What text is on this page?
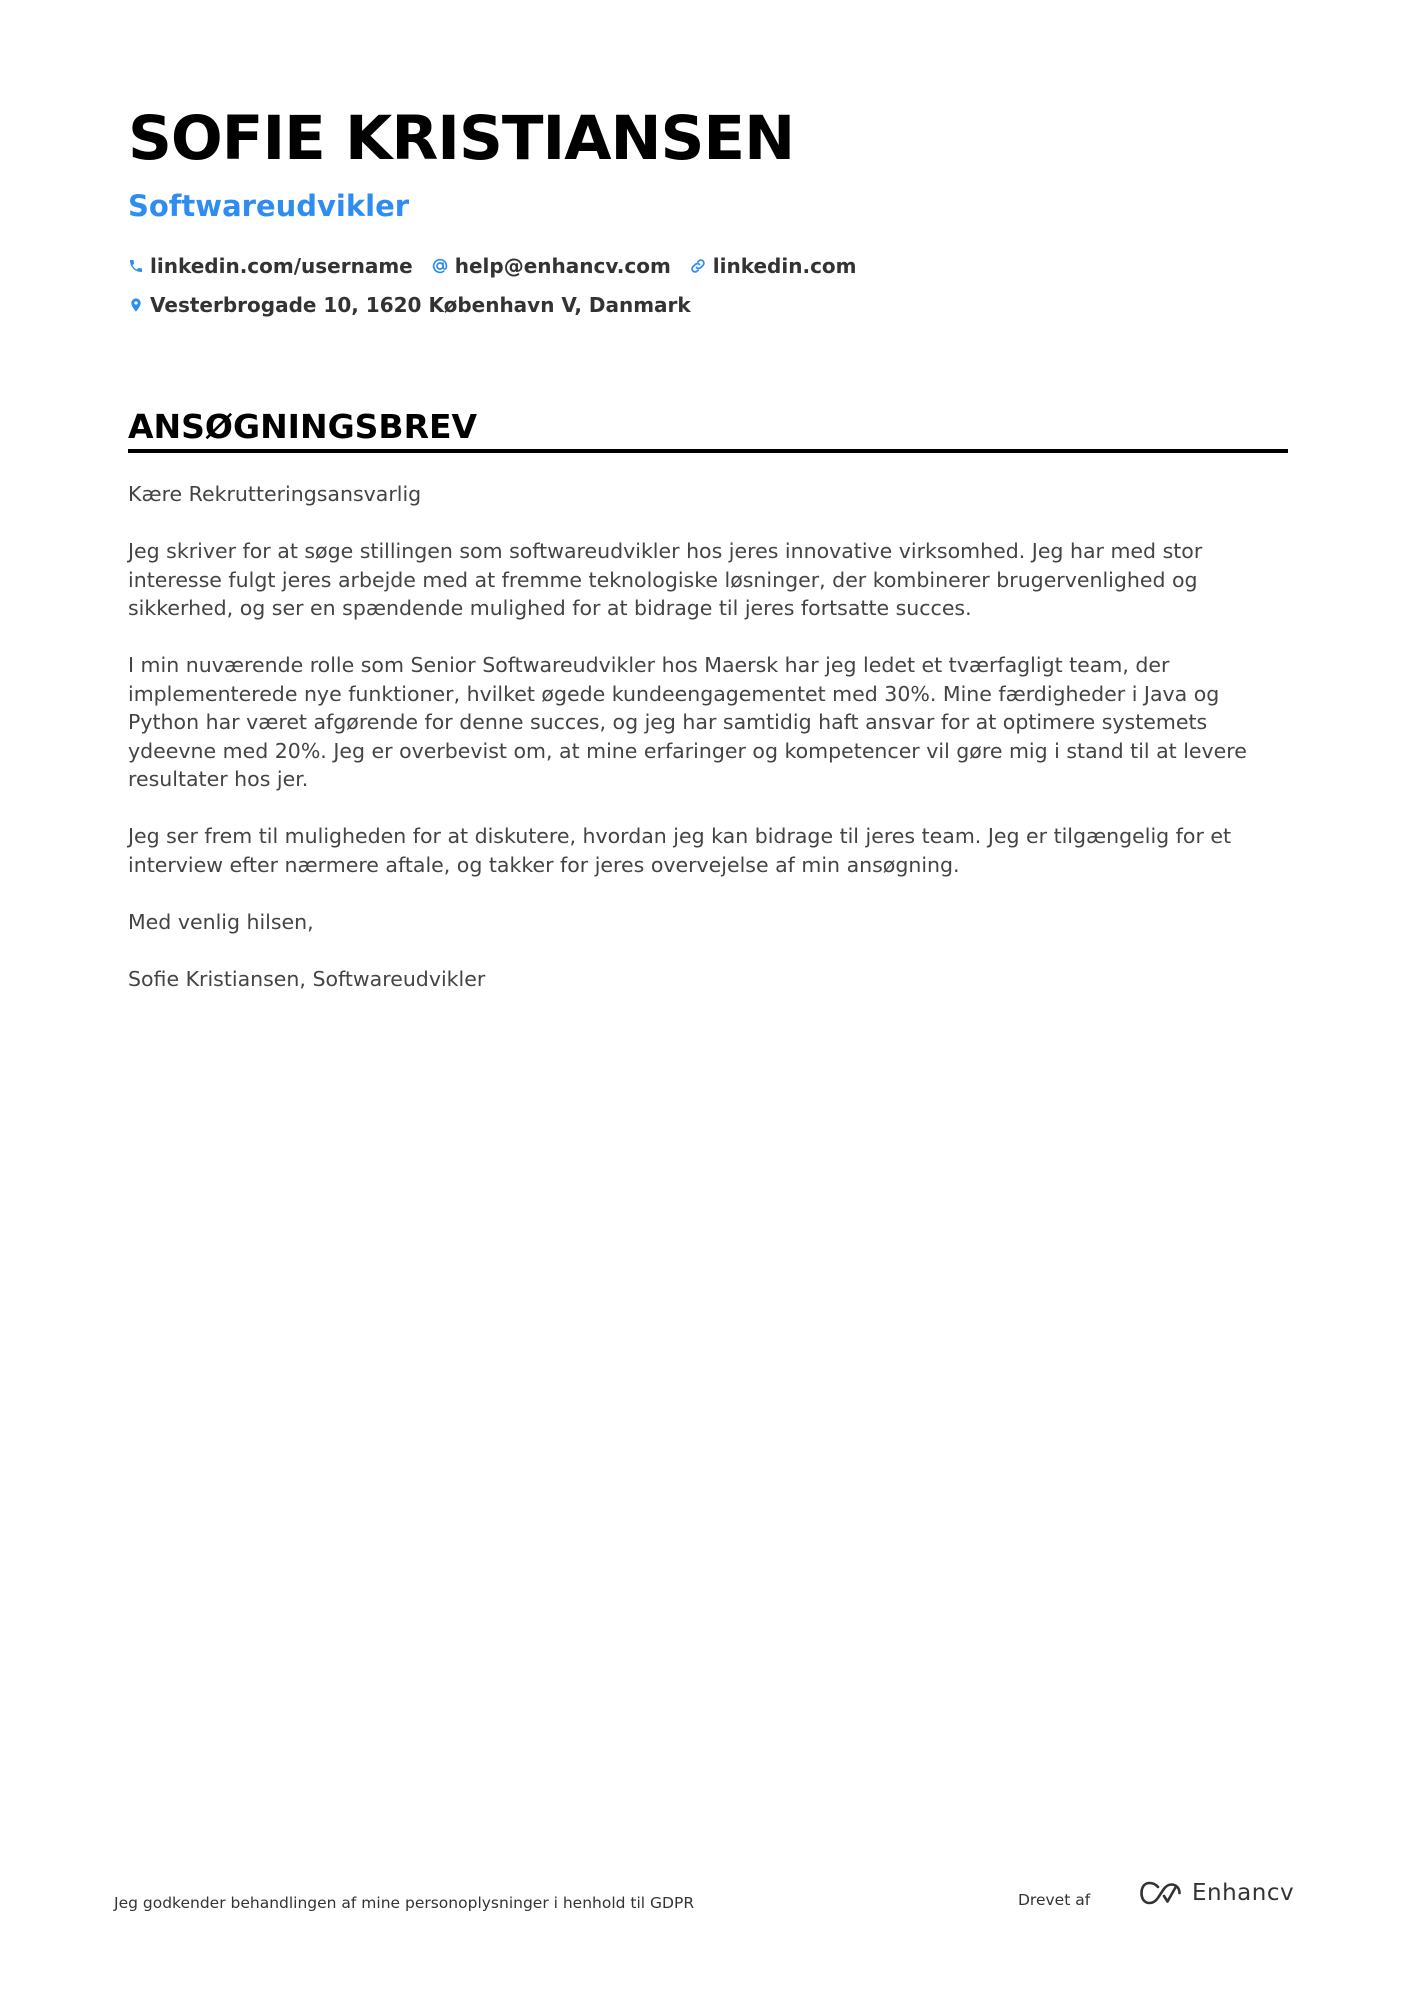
SOFIE KRISTIANSEN
Softwareudvikler
linkedin.com/username help@enhancv.com linkedin.com
Vesterbrogade 10, 1620 København V, Danmark
ANSØGNINGSBREV

Kære Rekrutteringsansvarlig

Jeg skriver for at søge stillingen som softwareudvikler hos jeres innovative virksomhed. Jeg har med stor interesse fulgt jeres arbejde med at fremme teknologiske løsninger, der kombinerer brugervenlighed og sikkerhed, og ser en spændende mulighed for at bidrage til jeres fortsatte succes.

I min nuværende rolle som Senior Softwareudvikler hos Maersk har jeg ledet et tværfagligt team, der implementerede nye funktioner, hvilket øgede kundeengagementet med 30%. Mine færdigheder i Java og Python har været afgørende for denne succes, og jeg har samtidig haft ansvar for at optimere systemets ydeevne med 20%. Jeg er overbevist om, at mine erfaringer og kompetencer vil gøre mig i stand til at levere resultater hos jer.

Jeg ser frem til muligheden for at diskutere, hvordan jeg kan bidrage til jeres team. Jeg er tilgængelig for et interview efter nærmere aftale, og takker for jeres overvejelse af min ansøgning.

Med venlig hilsen,

Sofie Kristiansen, Softwareudvikler

Jeg godkender behandlingen af mine personoplysninger i henhold til GDPR	Drevet af	Enhancv
